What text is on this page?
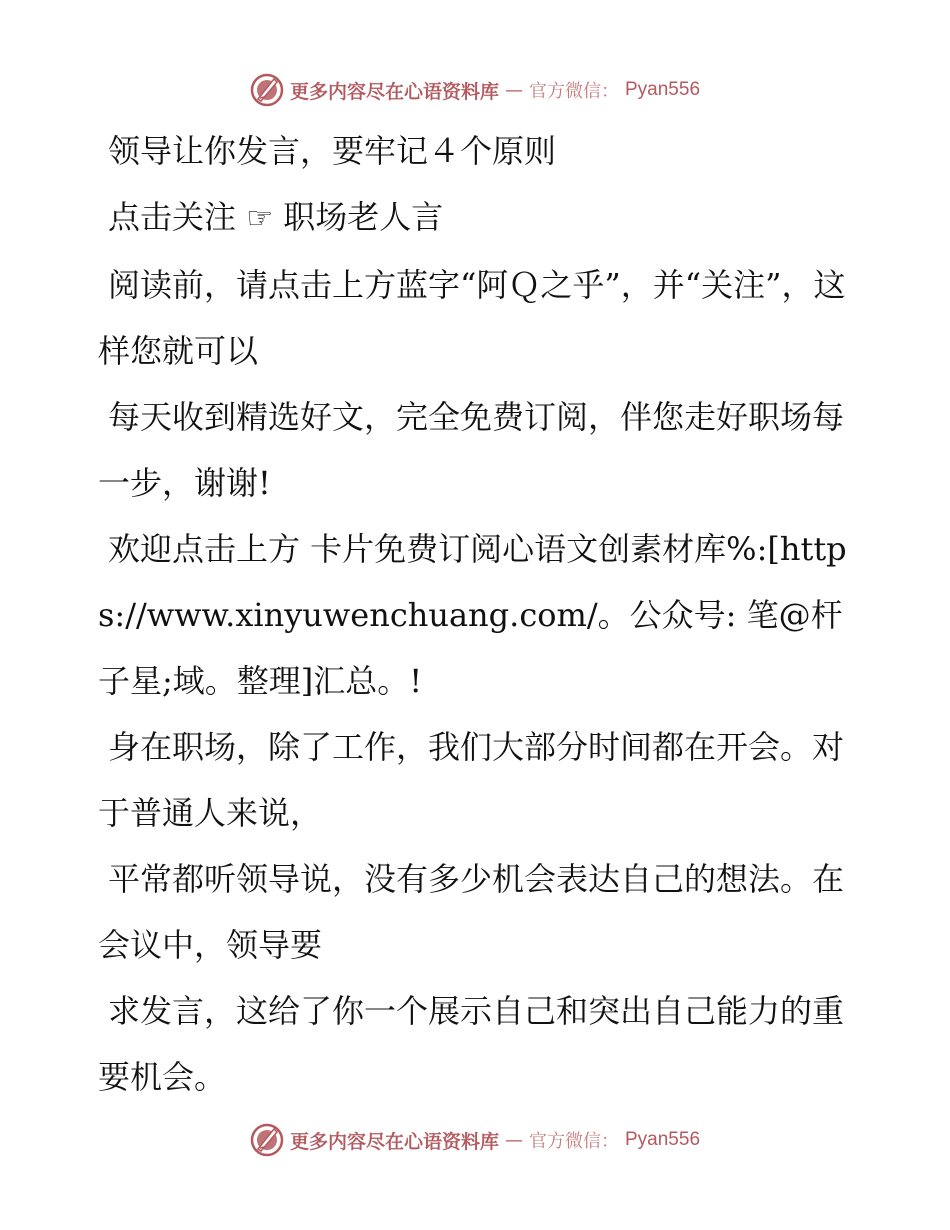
更多内容尽在心语资料库 — 官方微信： Pyan556

领导让你发言，要牢记４个原则

点击关注 ☞ 职场老人言

阅读前，请点击上方蓝字“阿Ｑ之乎”，并“关注”，这样您就可以

每天收到精选好文，完全免费订阅，伴您走好职场每一步，谢谢!

欢迎点击上方 卡片免费订阅心语文创素材库%:[https://www.xinyuwenchuang.com/。公众号: 笔@杆子星;域。整理]汇总。!

身在职场，除了工作，我们大部分时间都在开会。对于普通人来说，

平常都听领导说，没有多少机会表达自己的想法。在会议中，领导要

求发言，这给了你一个展示自己和突出自己能力的重要机会。

更多内容尽在心语资料库 — 官方微信： Pyan556
